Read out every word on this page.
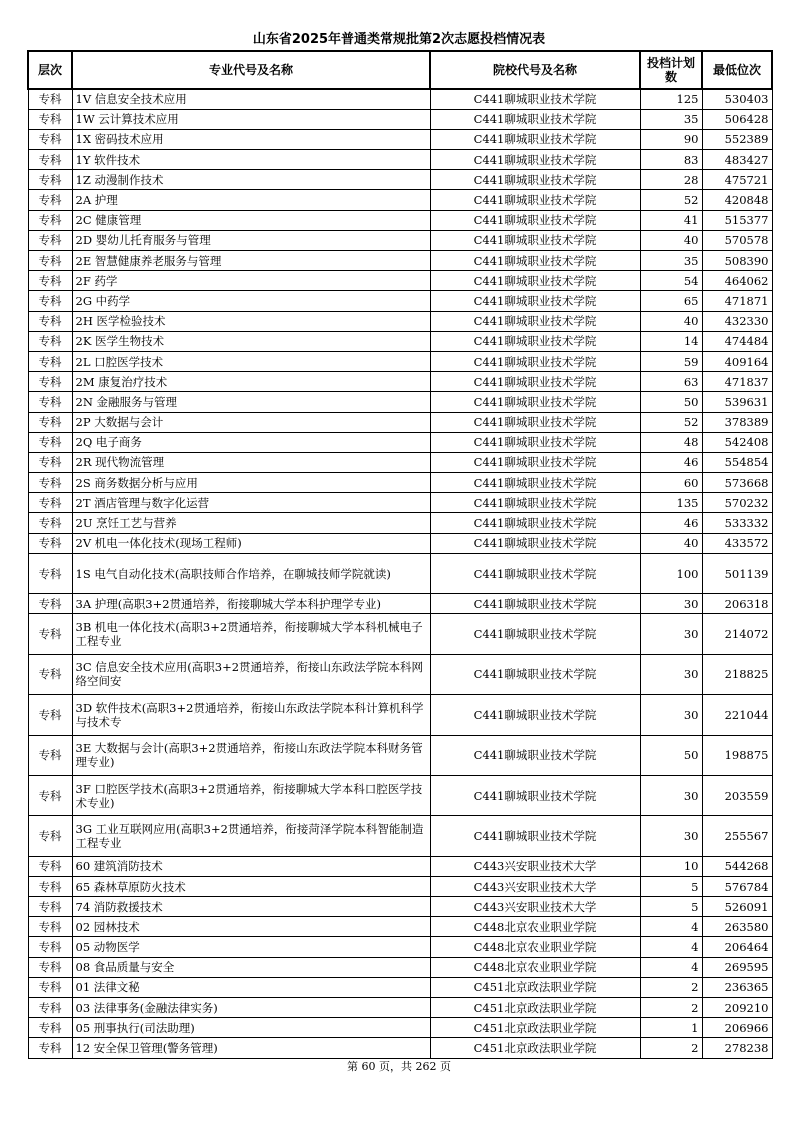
山东省2025年普通类常规批第2次志愿投档情况表
层次	专业代号及名称	院校代号及名称	投档计划数	最低位次
专科	1V 信息安全技术应用	C441聊城职业技术学院	125	530403
专科	1W 云计算技术应用	C441聊城职业技术学院	35	506428
专科	1X 密码技术应用	C441聊城职业技术学院	90	552389
专科	1Y 软件技术	C441聊城职业技术学院	83	483427
专科	1Z 动漫制作技术	C441聊城职业技术学院	28	475721
专科	2A 护理	C441聊城职业技术学院	52	420848
专科	2C 健康管理	C441聊城职业技术学院	41	515377
专科	2D 婴幼儿托育服务与管理	C441聊城职业技术学院	40	570578
专科	2E 智慧健康养老服务与管理	C441聊城职业技术学院	35	508390
专科	2F 药学	C441聊城职业技术学院	54	464062
专科	2G 中药学	C441聊城职业技术学院	65	471871
专科	2H 医学检验技术	C441聊城职业技术学院	40	432330
专科	2K 医学生物技术	C441聊城职业技术学院	14	474484
专科	2L 口腔医学技术	C441聊城职业技术学院	59	409164
专科	2M 康复治疗技术	C441聊城职业技术学院	63	471837
专科	2N 金融服务与管理	C441聊城职业技术学院	50	539631
专科	2P 大数据与会计	C441聊城职业技术学院	52	378389
专科	2Q 电子商务	C441聊城职业技术学院	48	542408
专科	2R 现代物流管理	C441聊城职业技术学院	46	554854
专科	2S 商务数据分析与应用	C441聊城职业技术学院	60	573668
专科	2T 酒店管理与数字化运营	C441聊城职业技术学院	135	570232
专科	2U 烹饪工艺与营养	C441聊城职业技术学院	46	533332
专科	2V 机电一体化技术(现场工程师)	C441聊城职业技术学院	40	433572
专科	1S 电气自动化技术(高职技师合作培养，在聊城技师学院就读)	C441聊城职业技术学院	100	501139
专科	3A 护理(高职3+2贯通培养，衔接聊城大学本科护理学专业)	C441聊城职业技术学院	30	206318
专科	3B 机电一体化技术(高职3+2贯通培养，衔接聊城大学本科机械电子工程专业	C441聊城职业技术学院	30	214072
专科	3C 信息安全技术应用(高职3+2贯通培养，衔接山东政法学院本科网络空间安	C441聊城职业技术学院	30	218825
专科	3D 软件技术(高职3+2贯通培养，衔接山东政法学院本科计算机科学与技术专	C441聊城职业技术学院	30	221044
专科	3E 大数据与会计(高职3+2贯通培养，衔接山东政法学院本科财务管理专业)	C441聊城职业技术学院	50	198875
专科	3F 口腔医学技术(高职3+2贯通培养，衔接聊城大学本科口腔医学技术专业)	C441聊城职业技术学院	30	203559
专科	3G 工业互联网应用(高职3+2贯通培养，衔接菏泽学院本科智能制造工程专业	C441聊城职业技术学院	30	255567
专科	60 建筑消防技术	C443兴安职业技术大学	10	544268
专科	65 森林草原防火技术	C443兴安职业技术大学	5	576784
专科	74 消防救援技术	C443兴安职业技术大学	5	526091
专科	02 园林技术	C448北京农业职业学院	4	263580
专科	05 动物医学	C448北京农业职业学院	4	206464
专科	08 食品质量与安全	C448北京农业职业学院	4	269595
专科	01 法律文秘	C451北京政法职业学院	2	236365
专科	03 法律事务(金融法律实务)	C451北京政法职业学院	2	209210
专科	05 刑事执行(司法助理)	C451北京政法职业学院	1	206966
专科	12 安全保卫管理(警务管理)	C451北京政法职业学院	2	278238
第 60 页，共 262 页
